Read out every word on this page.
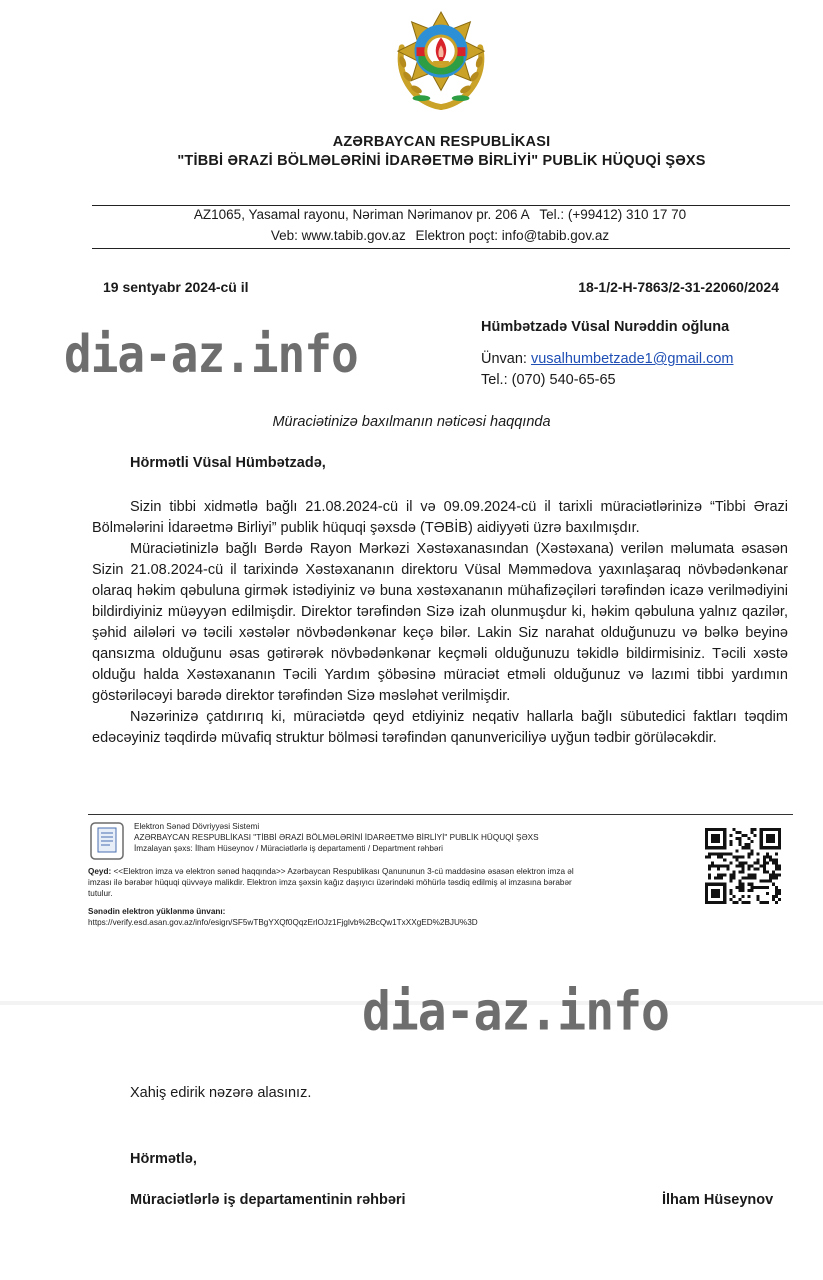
AZƏRBAYCAN RESPUBLİKASI
"TİBBİ ƏRAZİ BÖLMƏLƏRİNİ İDARƏETMƏ BİRLİYİ" PUBLİK HÜQUQİ ŞƏXS
AZ1065, Yasamal rayonu, Nəriman Nərimanov pr. 206 A Tel.: (+99412) 310 17 70
Veb: www.tabib.gov.az Elektron poçt: info@tabib.gov.az
19 sentyabr 2024-cü il	18-1/2-H-7863/2-31-22060/2024
dia-az.info	Hümbətzadə Vüsal Nurəddin oğluna
Ünvan: vusalhumbetzade1@gmail.com
Tel.: (070) 540-65-65
Müraciətinizə baxılmanın nəticəsi haqqında
Hörmətli Vüsal Hümbətzadə,

Sizin tibbi xidmətlə bağlı 21.08.2024-cü il və 09.09.2024-cü il tarixli müraciətlərinizə “Tibbi Ərazi Bölmələrini İdarəetmə Birliyi” publik hüquqi şəxsdə (TƏBİB) aidiyyəti üzrə baxılmışdır.

Müraciətinizlə bağlı Bərdə Rayon Mərkəzi Xəstəxanasından (Xəstəxana) verilən məlumata əsasən Sizin 21.08.2024-cü il tarixində Xəstəxananın direktoru Vüsal Məmmədova yaxınlaşaraq növbədənkənar olaraq həkim qəbuluna girmək istədiyiniz və buna xəstəxananın mühafizəçiləri tərəfindən icazə verilmədiyini bildirdiyiniz müəyyən edilmişdir. Direktor tərəfindən Sizə izah olunmuşdur ki, həkim qəbuluna yalnız qazilər, şəhid ailələri və təcili xəstələr növbədənkənar keçə bilər. Lakin Siz narahat olduğunuzu və bəlkə beyinə qansızma olduğunu əsas gətirərək növbədənkənar keçməli olduğunuzu təkidlə bildirmisiniz. Təcili xəstə olduğu halda Xəstəxananın Təcili Yardım şöbəsinə müraciət etməli olduğunuz və lazımi tibbi yardımın göstəriləcəyi barədə direktor tərəfindən Sizə məsləhət verilmişdir.

Nəzərinizə çatdırırıq ki, müraciətdə qeyd etdiyiniz neqativ hallarla bağlı sübutedici faktları təqdim edəcəyiniz təqdirdə müvafiq struktur bölməsi tərəfindən qanunvericiliyə uyğun tədbir görüləcəkdir.

Elektron Sənəd Dövriyyəsi Sistemi
AZƏRBAYCAN RESPUBLİKASI "TİBBİ ƏRAZİ BÖLMƏLƏRİNİ İDARƏETMƏ BİRLİYİ" PUBLİK HÜQUQİ ŞƏXS
İmzalayan şəxs: İlham Hüseynov / Müraciətlərlə iş departamenti / Department rəhbəri
Qeyd: <<Elektron imza və elektron sənəd haqqında>> Azərbaycan Respublikası Qanununun 3-cü maddəsinə əsasən elektron imza əl imzası ilə bərabər hüquqi qüvvəyə malikdir. Elektron imza şəxsin kağız daşıyıcı üzərindəki möhürlə təsdiq edilmiş əl imzasına bərabər tutulur.
Sənədin elektron yüklənmə ünvanı:
https://verify.esd.asan.gov.az/info/esign/SF5wTBgYXQf0QqzErlOJz1Fjglvb%2BcQw1TxXXgED%2BJU%3D
dia-az.info
Xahiş edirik nəzərə alasınız.
Hörmətlə,
Müraciətlərlə iş departamentinin rəhbəri	İlham Hüseynov
